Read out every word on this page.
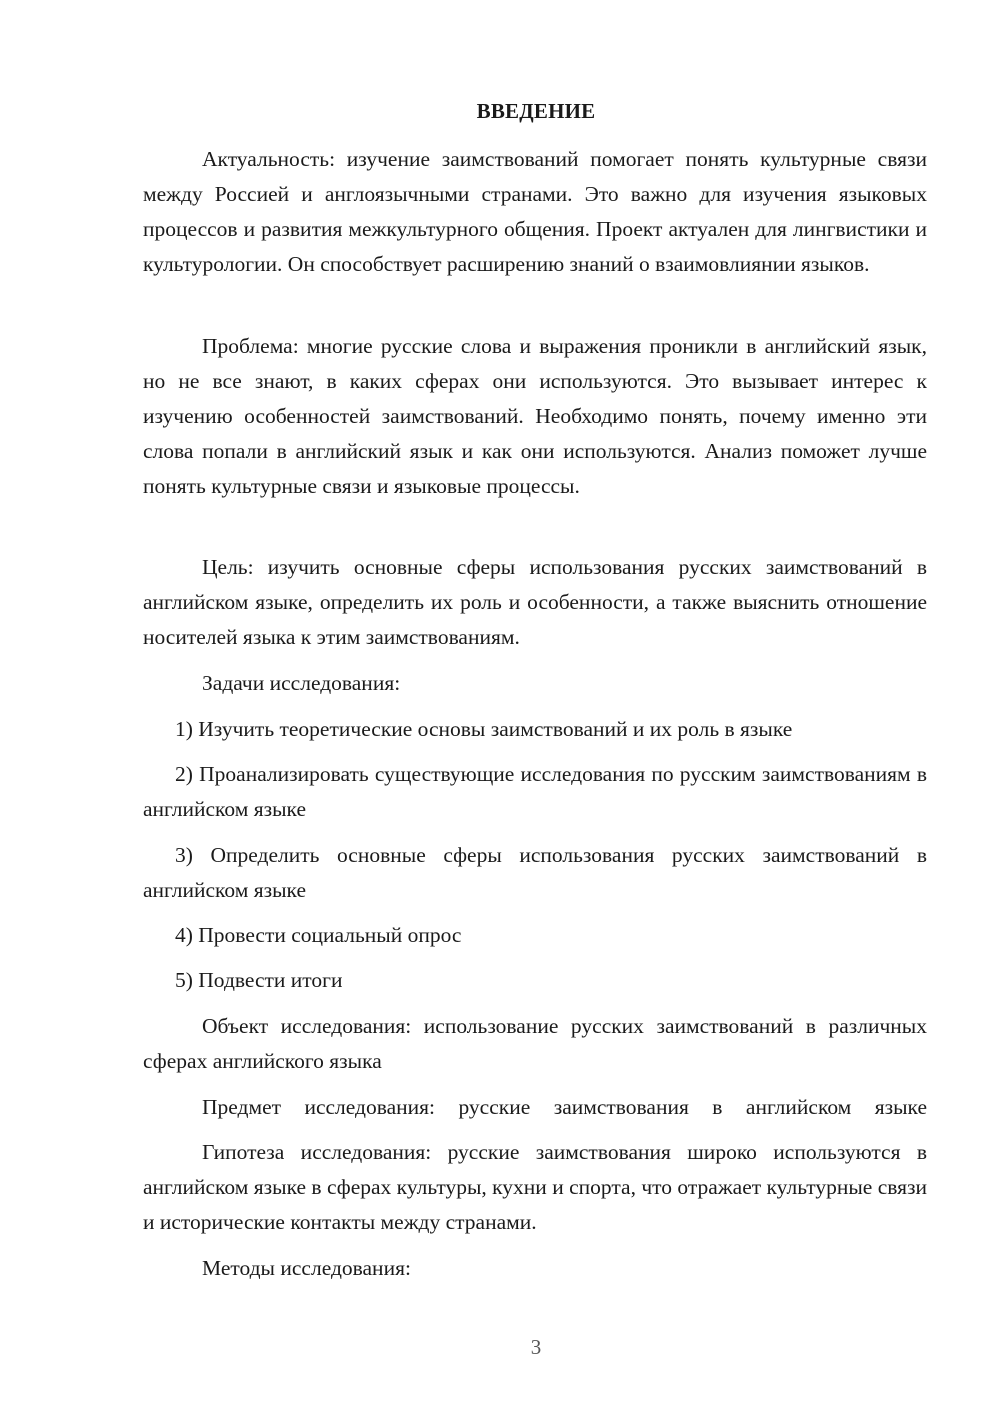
ВВЕДЕНИЕ

Актуальность: изучение заимствований помогает понять культурные связи между Россией и англоязычными странами. Это важно для изучения языковых процессов и развития межкультурного общения. Проект актуален для лингвистики и культурологии. Он способствует расширению знаний о взаимовлиянии языков.

Проблема: многие русские слова и выражения проникли в английский язык, но не все знают, в каких сферах они используются. Это вызывает интерес к изучению особенностей заимствований. Необходимо понять, почему именно эти слова попали в английский язык и как они используются. Анализ поможет лучше понять культурные связи и языковые процессы.

Цель: изучить основные сферы использования русских заимствований в английском языке, определить их роль и особенности, а также выяснить отношение носителей языка к этим заимствованиям.

Задачи исследования:

1) Изучить теоретические основы заимствований и их роль в языке

2) Проанализировать существующие исследования по русским заимствованиям в английском языке

3) Определить основные сферы использования русских заимствований в английском языке

4) Провести социальный опрос

5) Подвести итоги

Объект исследования: использование русских заимствований в различных сферах английского языка

Предмет исследования: русские заимствования в английском языке

Гипотеза исследования: русские заимствования широко используются в английском языке в сферах культуры, кухни и спорта, что отражает культурные связи и исторические контакты между странами.

Методы исследования:

3
